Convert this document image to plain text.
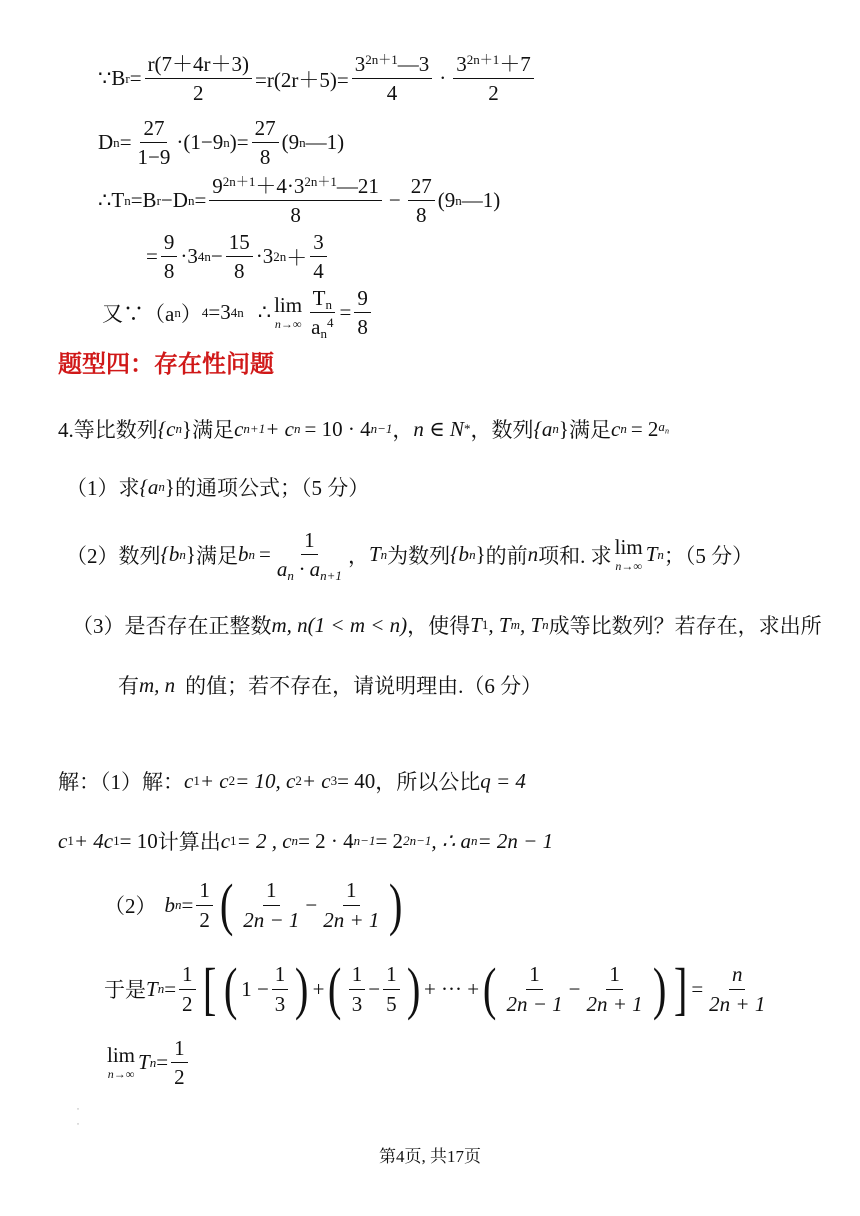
∵B $r = \frac{r(7+4r+3)}{2} =r(2r+5)= \frac{3^{2n+1}—3}{4} \cdot \frac{3^{2n+1}+7}{2}$
D $n = \frac{27}{1-9} \cdot(1-9$ n )= $\frac{27}{8} (9$ n —1)
∴T n =B r −D $n = \frac{9^{2n+1}+4\cdot 3^{2n+1}—21}{8} - \frac{27}{8} (9$ n —1)
= $\frac{9}{8} \cdot 3$ $4n - \frac{15}{8} \cdot 3$ $2n + \frac{3}{4}$
又∵（a n ） 4 =3 4n ∴ lim
$n\to\infty \frac{T_n}{a_n^4} = \frac{9}{8}$
题型四：存在性问题
4.等比数列 {c n } 满足 c n+1 + c n = 10 · 4 n−1 ， n ∈ N * ， 数列 {a n } 满足 c n = 2 $a_n$
（1）求 {a n } 的通项公式；（5 分）
（2）数列 {b n } 满足 b $n = \frac{1}{a_n \cdot a_{n+1}}$ ， T n 为数列 {b n } 的前 n 项和. 求 lim
n→∞ T n ；（5 分）
（3）是否存在正整数 m, n (1 < m < n) ，使得 T 1 , T m , T n 成等比数列？若存在，求出所
有 m, n 的值；若不存在，请说明理由.（6 分）
解：（1）解： c 1 + c 2 = 10, c 2 + c 3 = 40 ，所以公比 q = 4
c 1 + 4c 1 = 10 计算出 c 1 = 2 , c n = 2 · 4 n−1 = 2 2n−1 , ∴ a n = 2n − 1
（2） b $n = \frac{1}{2}$ ( $\frac{1}{2n - 1} - \frac{1}{2n + 1}$ )
于是 T $n = \frac{1}{2}$ [ ( $1 - \frac{1}{3}$ ) + ( $\frac{1}{3} - \frac{1}{5}$ ) + ··· + ( $\frac{1}{2n - 1} - \frac{1}{2n + 1}$ ) ] = $\frac{n}{2n + 1}$
lim
n→∞ T $n = \frac{1}{2}$
˙ ˙
第4页, 共17页
